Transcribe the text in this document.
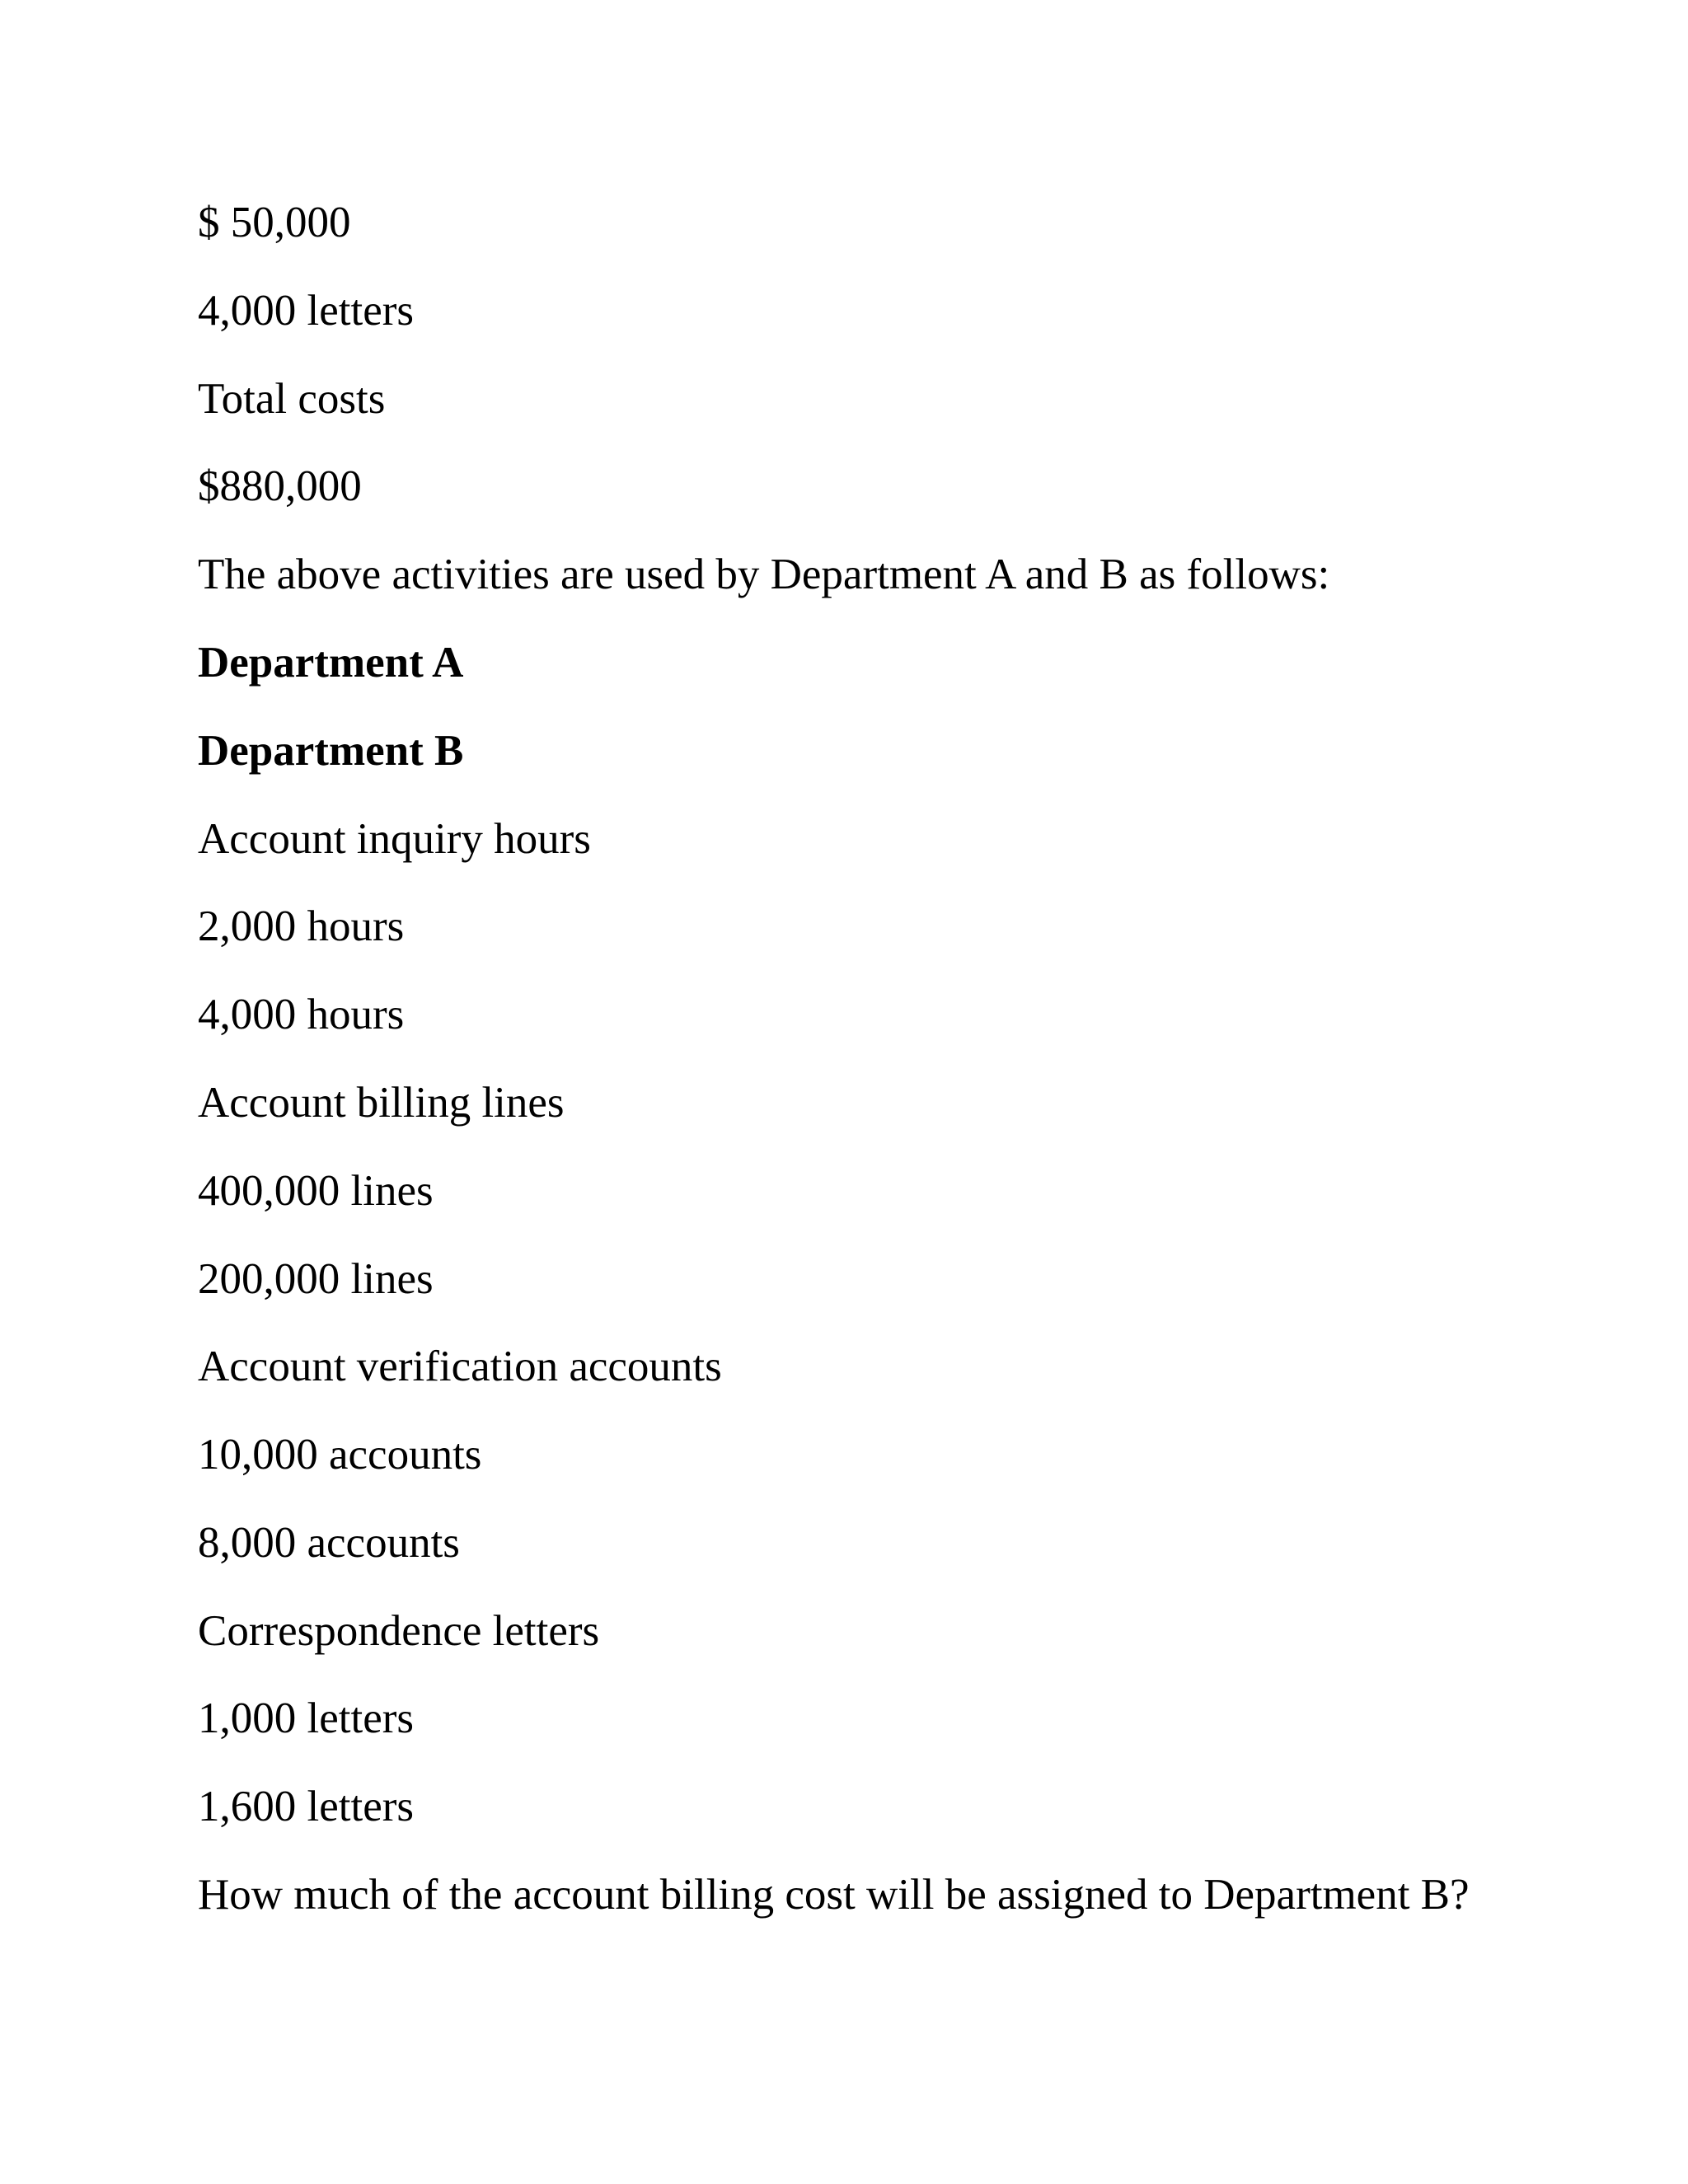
$ 50,000
4,000 letters
Total costs
$880,000
The above activities are used by Department A and B as follows:
Department A
Department B
Account inquiry hours
2,000 hours
4,000 hours
Account billing lines
400,000 lines
200,000 lines
Account verification accounts
10,000 accounts
8,000 accounts
Correspondence letters
1,000 letters
1,600 letters
How much of the account billing cost will be assigned to Department B?
